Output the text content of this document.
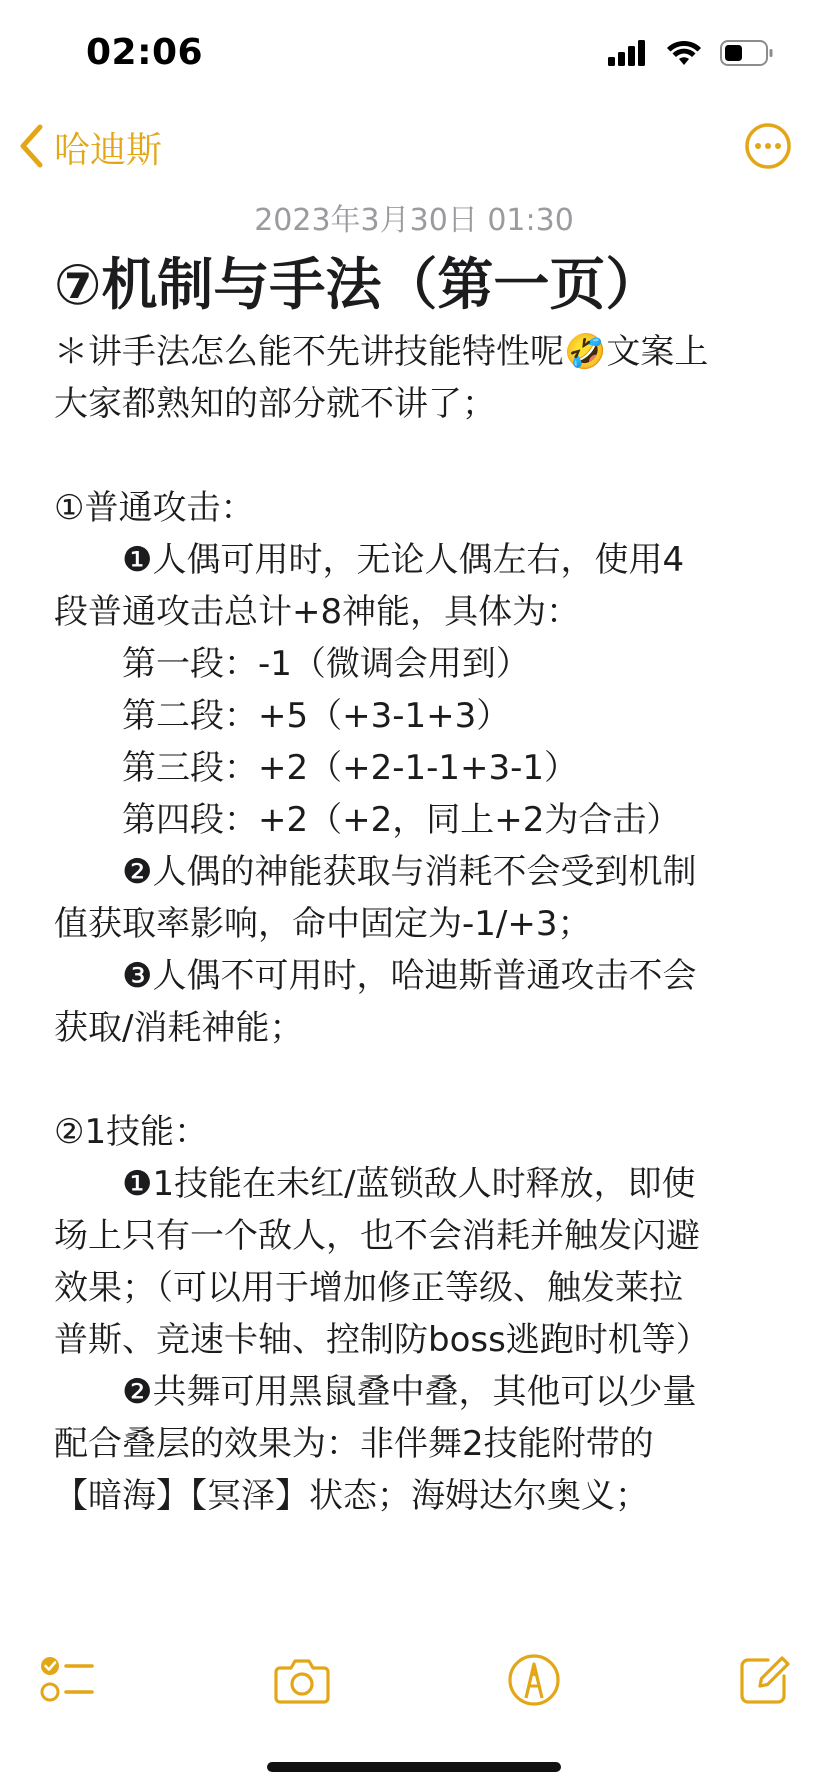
02:06
哈迪斯
2023年3月30日 01:30
⑦机制与手法（第一页）

＊讲手法怎么能不先讲技能特性呢🤣文案上

大家都熟知的部分就不讲了；

①普通攻击：

　　❶人偶可用时，无论人偶左右，使用4

段普通攻击总计+8神能，具体为：

　　第一段：-1（微调会用到）

　　第二段：+5（+3-1+3）

　　第三段：+2（+2-1-1+3-1）

　　第四段：+2（+2，同上+2为合击）

　　❷人偶的神能获取与消耗不会受到机制

值获取率影响，命中固定为-1/+3；

　　❸人偶不可用时，哈迪斯普通攻击不会

获取/消耗神能；

②1技能：

　　❶1技能在未红/蓝锁敌人时释放，即使

场上只有一个敌人，也不会消耗并触发闪避

效果；（可以用于增加修正等级、触发莱拉

普斯、竞速卡轴、控制防boss逃跑时机等）

　　❷共舞可用黑鼠叠中叠，其他可以少量

配合叠层的效果为：非伴舞2技能附带的

【暗海】【冥泽】状态；海姆达尔奥义；
